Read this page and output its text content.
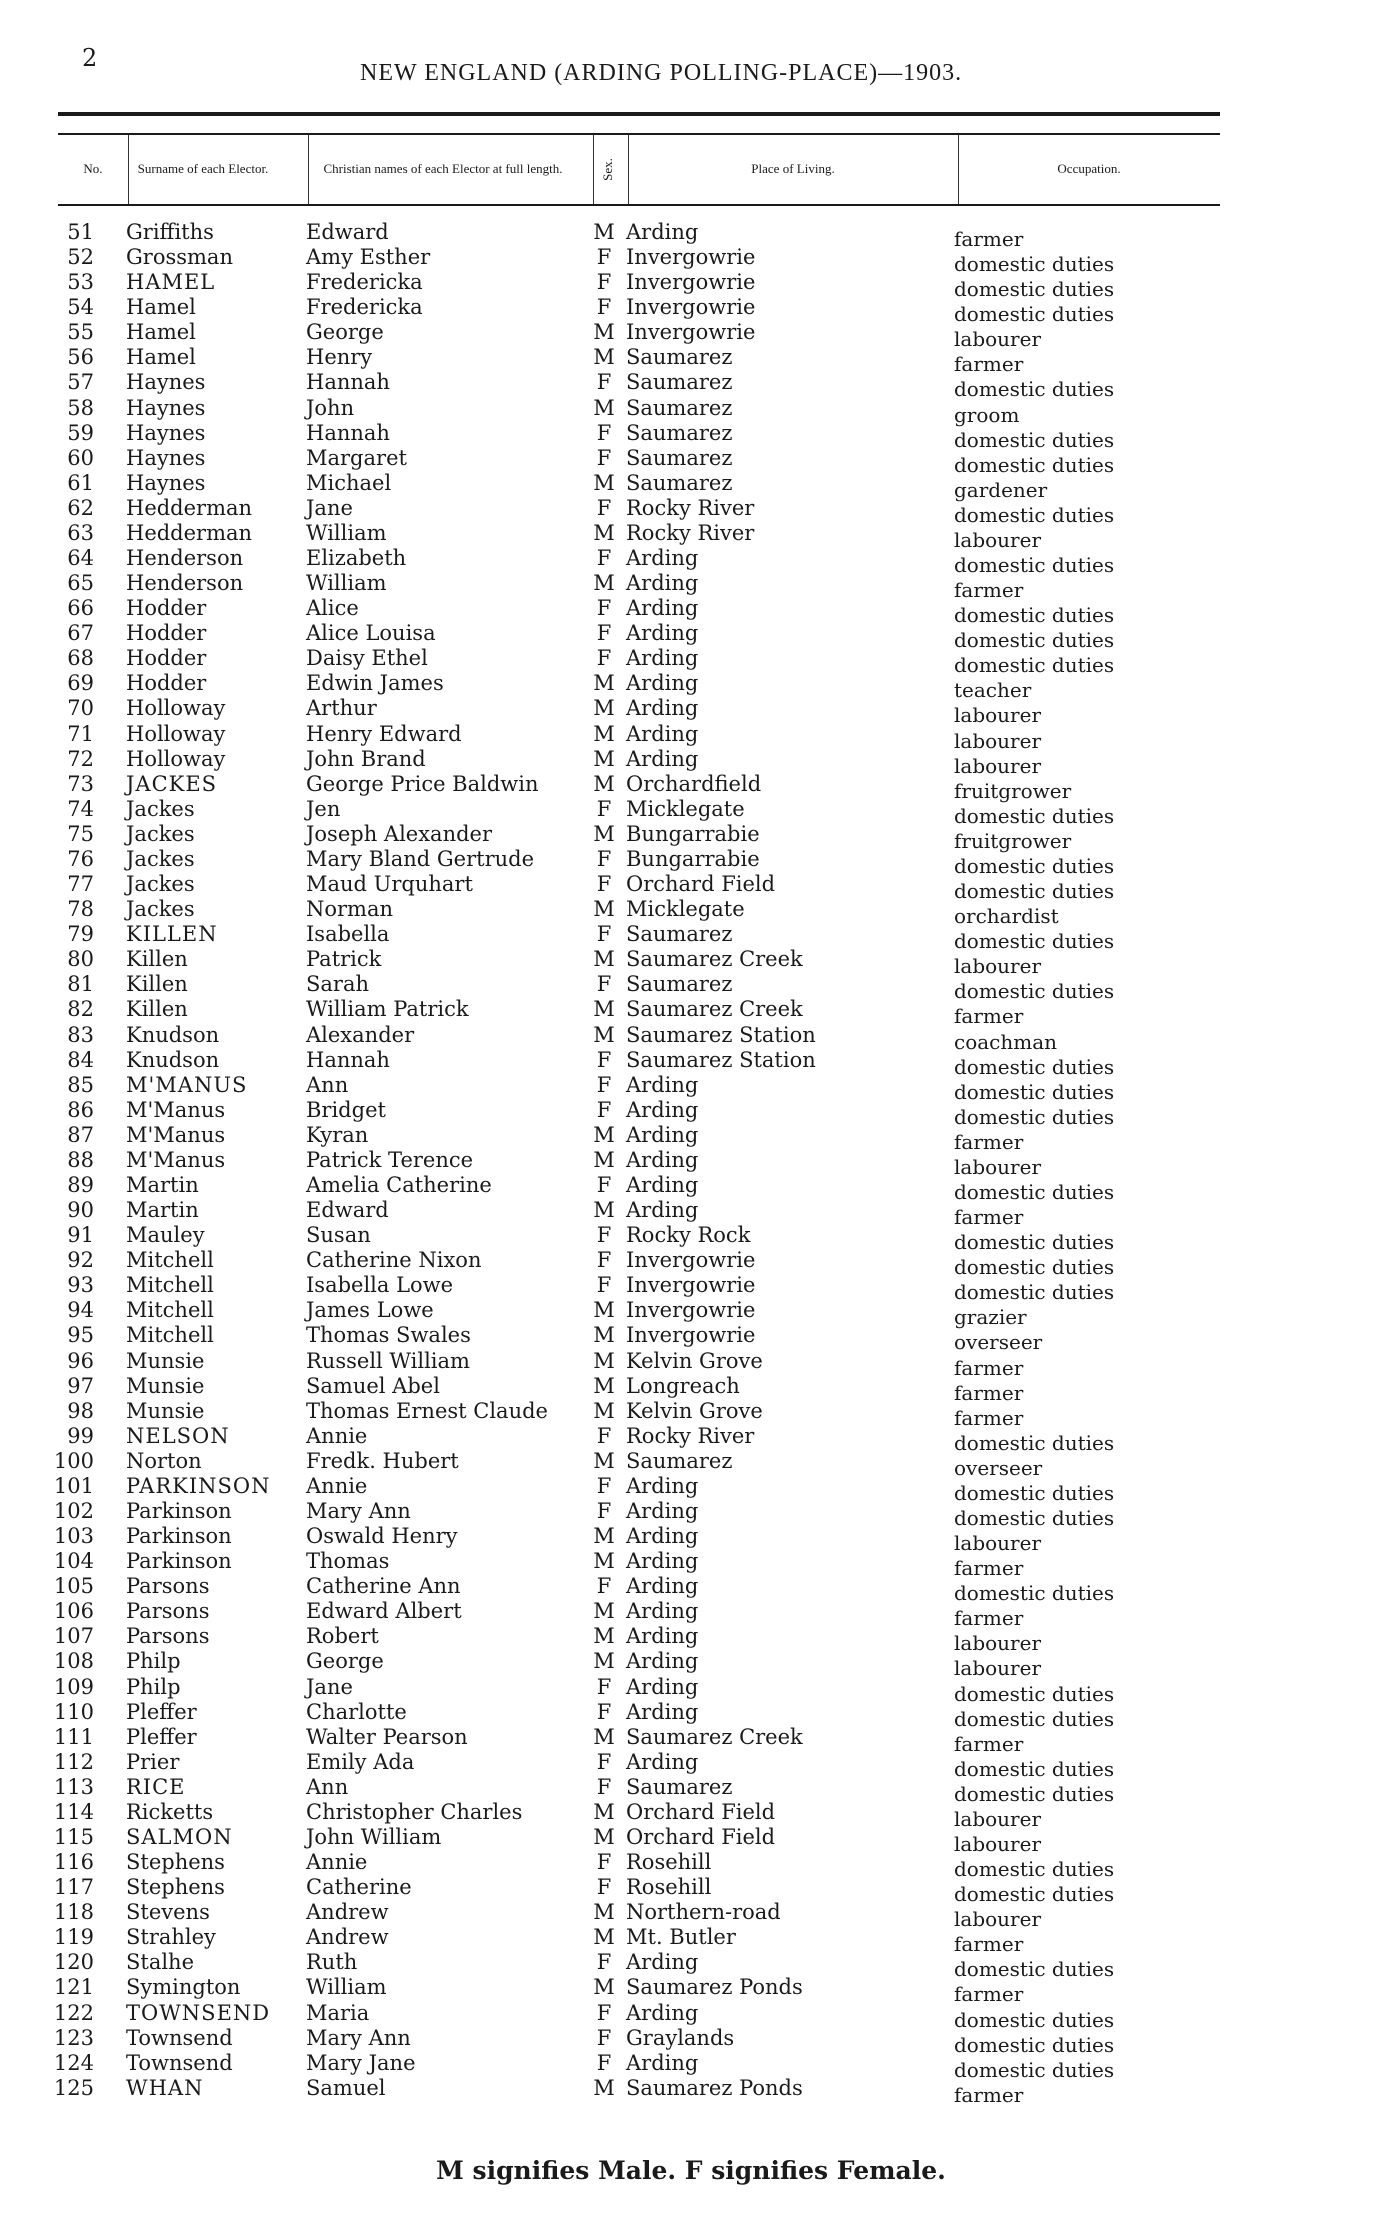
2
NEW ENGLAND (ARDING POLLING-PLACE)—1903.
No.	Surname of each Elector.	Christian names of each Elector at full length.	Sex.	Place of Living.	Occupation.
51 Griffiths	Edward	M Arding	farmer
52 Grossman	Amy Esther	F Invergowrie	domestic duties
53 HAMEL	Fredericka	F Invergowrie	domestic duties
54 Hamel	Fredericka	F Invergowrie	domestic duties
55 Hamel	George	M Invergowrie	labourer
56 Hamel	Henry	M Saumarez	farmer
57 Haynes	Hannah	F Saumarez	domestic duties
58 Haynes	John	M Saumarez	groom
59 Haynes	Hannah	F Saumarez	domestic duties
60 Haynes	Margaret	F Saumarez	domestic duties
61 Haynes	Michael	M Saumarez	gardener
62 Hedderman	Jane	F Rocky River	domestic duties
63 Hedderman	William	M Rocky River	labourer
64 Henderson	Elizabeth	F Arding	domestic duties
65 Henderson	William	M Arding	farmer
66 Hodder	Alice	F Arding	domestic duties
67 Hodder	Alice Louisa	F Arding	domestic duties
68 Hodder	Daisy Ethel	F Arding	domestic duties
69 Hodder	Edwin James	M Arding	teacher
70 Holloway	Arthur	M Arding	labourer
71 Holloway	Henry Edward	M Arding	labourer
72 Holloway	John Brand	M Arding	labourer
73 JACKES	George Price Baldwin	M Orchardfield	fruitgrower
74 Jackes	Jen	F Micklegate	domestic duties
75 Jackes	Joseph Alexander	M Bungarrabie	fruitgrower
76 Jackes	Mary Bland Gertrude	F Bungarrabie	domestic duties
77 Jackes	Maud Urquhart	F Orchard Field	domestic duties
78 Jackes	Norman	M Micklegate	orchardist
79 KILLEN	Isabella	F Saumarez	domestic duties
80 Killen	Patrick	M Saumarez Creek	labourer
81 Killen	Sarah	F Saumarez	domestic duties
82 Killen	William Patrick	M Saumarez Creek	farmer
83 Knudson	Alexander	M Saumarez Station	coachman
84 Knudson	Hannah	F Saumarez Station	domestic duties
85 M'MANUS	Ann	F Arding	domestic duties
86 M'Manus	Bridget	F Arding	domestic duties
87 M'Manus	Kyran	M Arding	farmer
88 M'Manus	Patrick Terence	M Arding	labourer
89 Martin	Amelia Catherine	F Arding	domestic duties
90 Martin	Edward	M Arding	farmer
91 Mauley	Susan	F Rocky Rock	domestic duties
92 Mitchell	Catherine Nixon	F Invergowrie	domestic duties
93 Mitchell	Isabella Lowe	F Invergowrie	domestic duties
94 Mitchell	James Lowe	M Invergowrie	grazier
95 Mitchell	Thomas Swales	M Invergowrie	overseer
96 Munsie	Russell William	M Kelvin Grove	farmer
97 Munsie	Samuel Abel	M Longreach	farmer
98 Munsie	Thomas Ernest Claude M Kelvin Grove	farmer
99 NELSON	Annie	F Rocky River	domestic duties
100 Norton	Fredk. Hubert	M Saumarez	overseer
101 PARKINSON Annie	F Arding	domestic duties
102 Parkinson	Mary Ann	F Arding	domestic duties
103 Parkinson	Oswald Henry	M Arding	labourer
104 Parkinson	Thomas	M Arding	farmer
105 Parsons	Catherine Ann	F Arding	domestic duties
106 Parsons	Edward Albert	M Arding	farmer
107 Parsons	Robert	M Arding	labourer
108 Philp	George	M Arding	labourer
109 Philp	Jane	F Arding	domestic duties
110 Pleffer	Charlotte	F Arding	domestic duties
111 Pleffer	Walter Pearson	M Saumarez Creek	farmer
112 Prier	Emily Ada	F Arding	domestic duties
113 RICE	Ann	F Saumarez	domestic duties
114 Ricketts	Christopher Charles	M Orchard Field	labourer
115 SALMON	John William	M Orchard Field	labourer
116 Stephens	Annie	F Rosehill	domestic duties
117 Stephens	Catherine	F Rosehill	domestic duties
118 Stevens	Andrew	M Northern-road	labourer
119 Strahley	Andrew	M Mt. Butler	farmer
120 Stalhe	Ruth	F Arding	domestic duties
121 Symington	William	M Saumarez Ponds	farmer
122 TOWNSEND Maria	F Arding	domestic duties
123 Townsend	Mary Ann	F Graylands	domestic duties
124 Townsend	Mary Jane	F Arding	domestic duties
125 WHAN	Samuel	M Saumarez Ponds	farmer
M signifies Male. F signifies Female.
